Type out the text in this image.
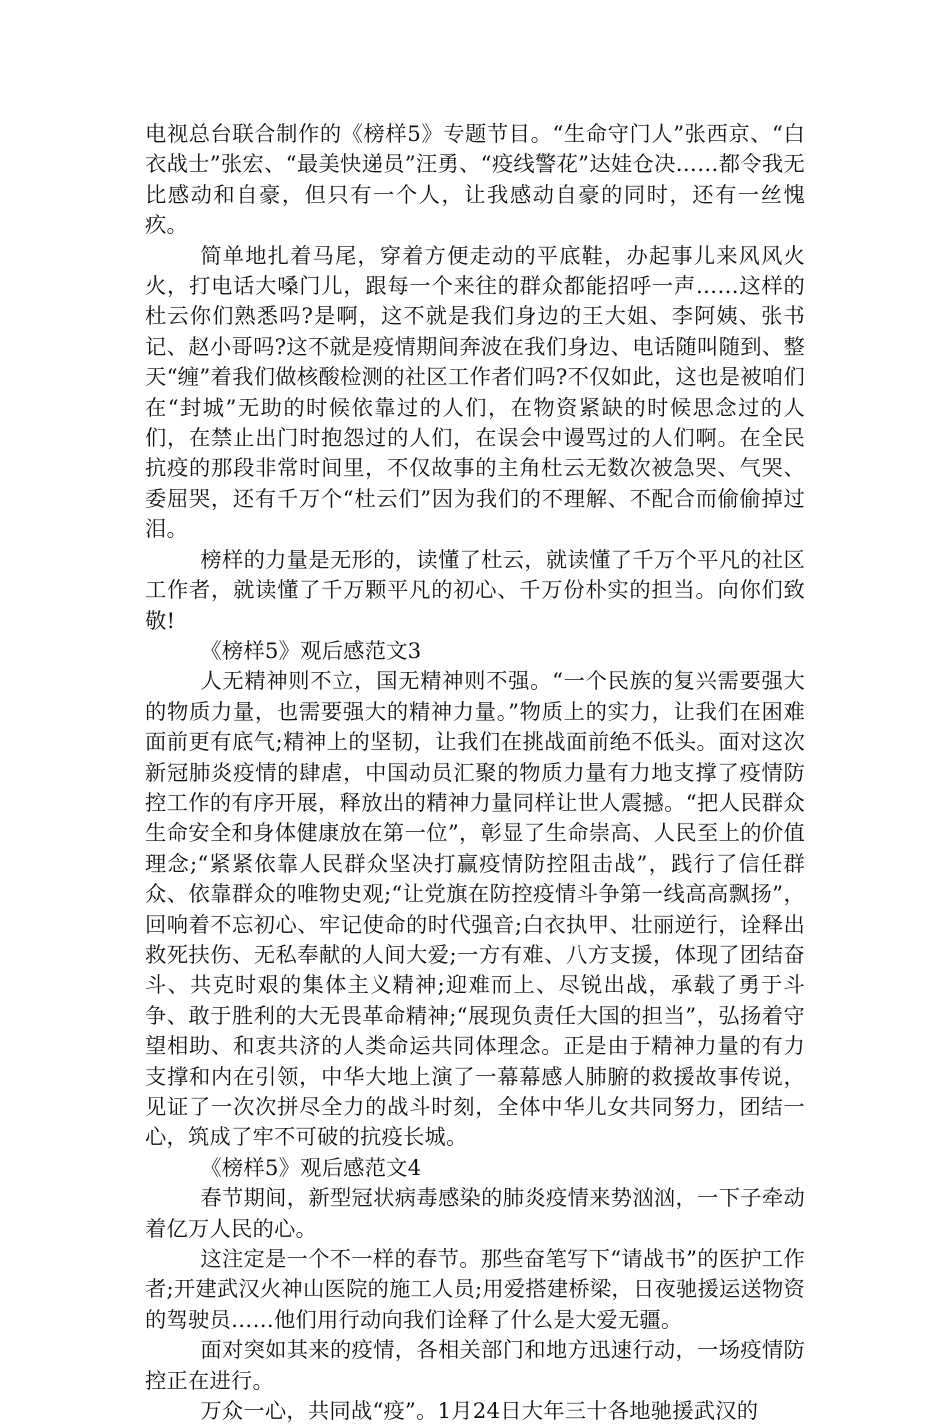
电视总台联合制作的《榜样5》专题节目。“生命守门人”张西京、“白衣战士”张宏、“最美快递员”汪勇、“疫线警花”达娃仓决……都令我无比感动和自豪，但只有一个人，让我感动自豪的同时，还有一丝愧疚。

简单地扎着马尾，穿着方便走动的平底鞋，办起事儿来风风火火，打电话大嗓门儿，跟每一个来往的群众都能招呼一声……这样的杜云你们熟悉吗?是啊，这不就是我们身边的王大姐、李阿姨、张书记、赵小哥吗?这不就是疫情期间奔波在我们身边、电话随叫随到、整天“缠”着我们做核酸检测的社区工作者们吗?不仅如此，这也是被咱们在“封城”无助的时候依靠过的人们，在物资紧缺的时候思念过的人们，在禁止出门时抱怨过的人们，在误会中谩骂过的人们啊。在全民抗疫的那段非常时间里，不仅故事的主角杜云无数次被急哭、气哭、委屈哭，还有千万个“杜云们”因为我们的不理解、不配合而偷偷掉过泪。

榜样的力量是无形的，读懂了杜云，就读懂了千万个平凡的社区工作者，就读懂了千万颗平凡的初心、千万份朴实的担当。向你们致敬!

《榜样5》观后感范文3

人无精神则不立，国无精神则不强。“一个民族的复兴需要强大的物质力量，也需要强大的精神力量。”物质上的实力，让我们在困难面前更有底气;精神上的坚韧，让我们在挑战面前绝不低头。面对这次新冠肺炎疫情的肆虐，中国动员汇聚的物质力量有力地支撑了疫情防控工作的有序开展，释放出的精神力量同样让世人震撼。“把人民群众生命安全和身体健康放在第一位”，彰显了生命崇高、人民至上的价值理念;“紧紧依靠人民群众坚决打赢疫情防控阻击战”，践行了信任群众、依靠群众的唯物史观;“让党旗在防控疫情斗争第一线高高飘扬”，回响着不忘初心、牢记使命的时代强音;白衣执甲、壮丽逆行，诠释出救死扶伤、无私奉献的人间大爱;一方有难、八方支援，体现了团结奋斗、共克时艰的集体主义精神;迎难而上、尽锐出战，承载了勇于斗争、敢于胜利的大无畏革命精神;“展现负责任大国的担当”，弘扬着守望相助、和衷共济的人类命运共同体理念。正是由于精神力量的有力支撑和内在引领，中华大地上演了一幕幕感人肺腑的救援故事传说，见证了一次次拼尽全力的战斗时刻，全体中华儿女共同努力，团结一心，筑成了牢不可破的抗疫长城。

《榜样5》观后感范文4

春节期间，新型冠状病毒感染的肺炎疫情来势汹汹，一下子牵动着亿万人民的心。

这注定是一个不一样的春节。那些奋笔写下“请战书”的医护工作者;开建武汉火神山医院的施工人员;用爱搭建桥梁，日夜驰援运送物资的驾驶员……他们用行动向我们诠释了什么是大爱无疆。

面对突如其来的疫情，各相关部门和地方迅速行动，一场疫情防控正在进行。

万众一心，共同战“疫”。1月24日大年三十各地驰援武汉的
